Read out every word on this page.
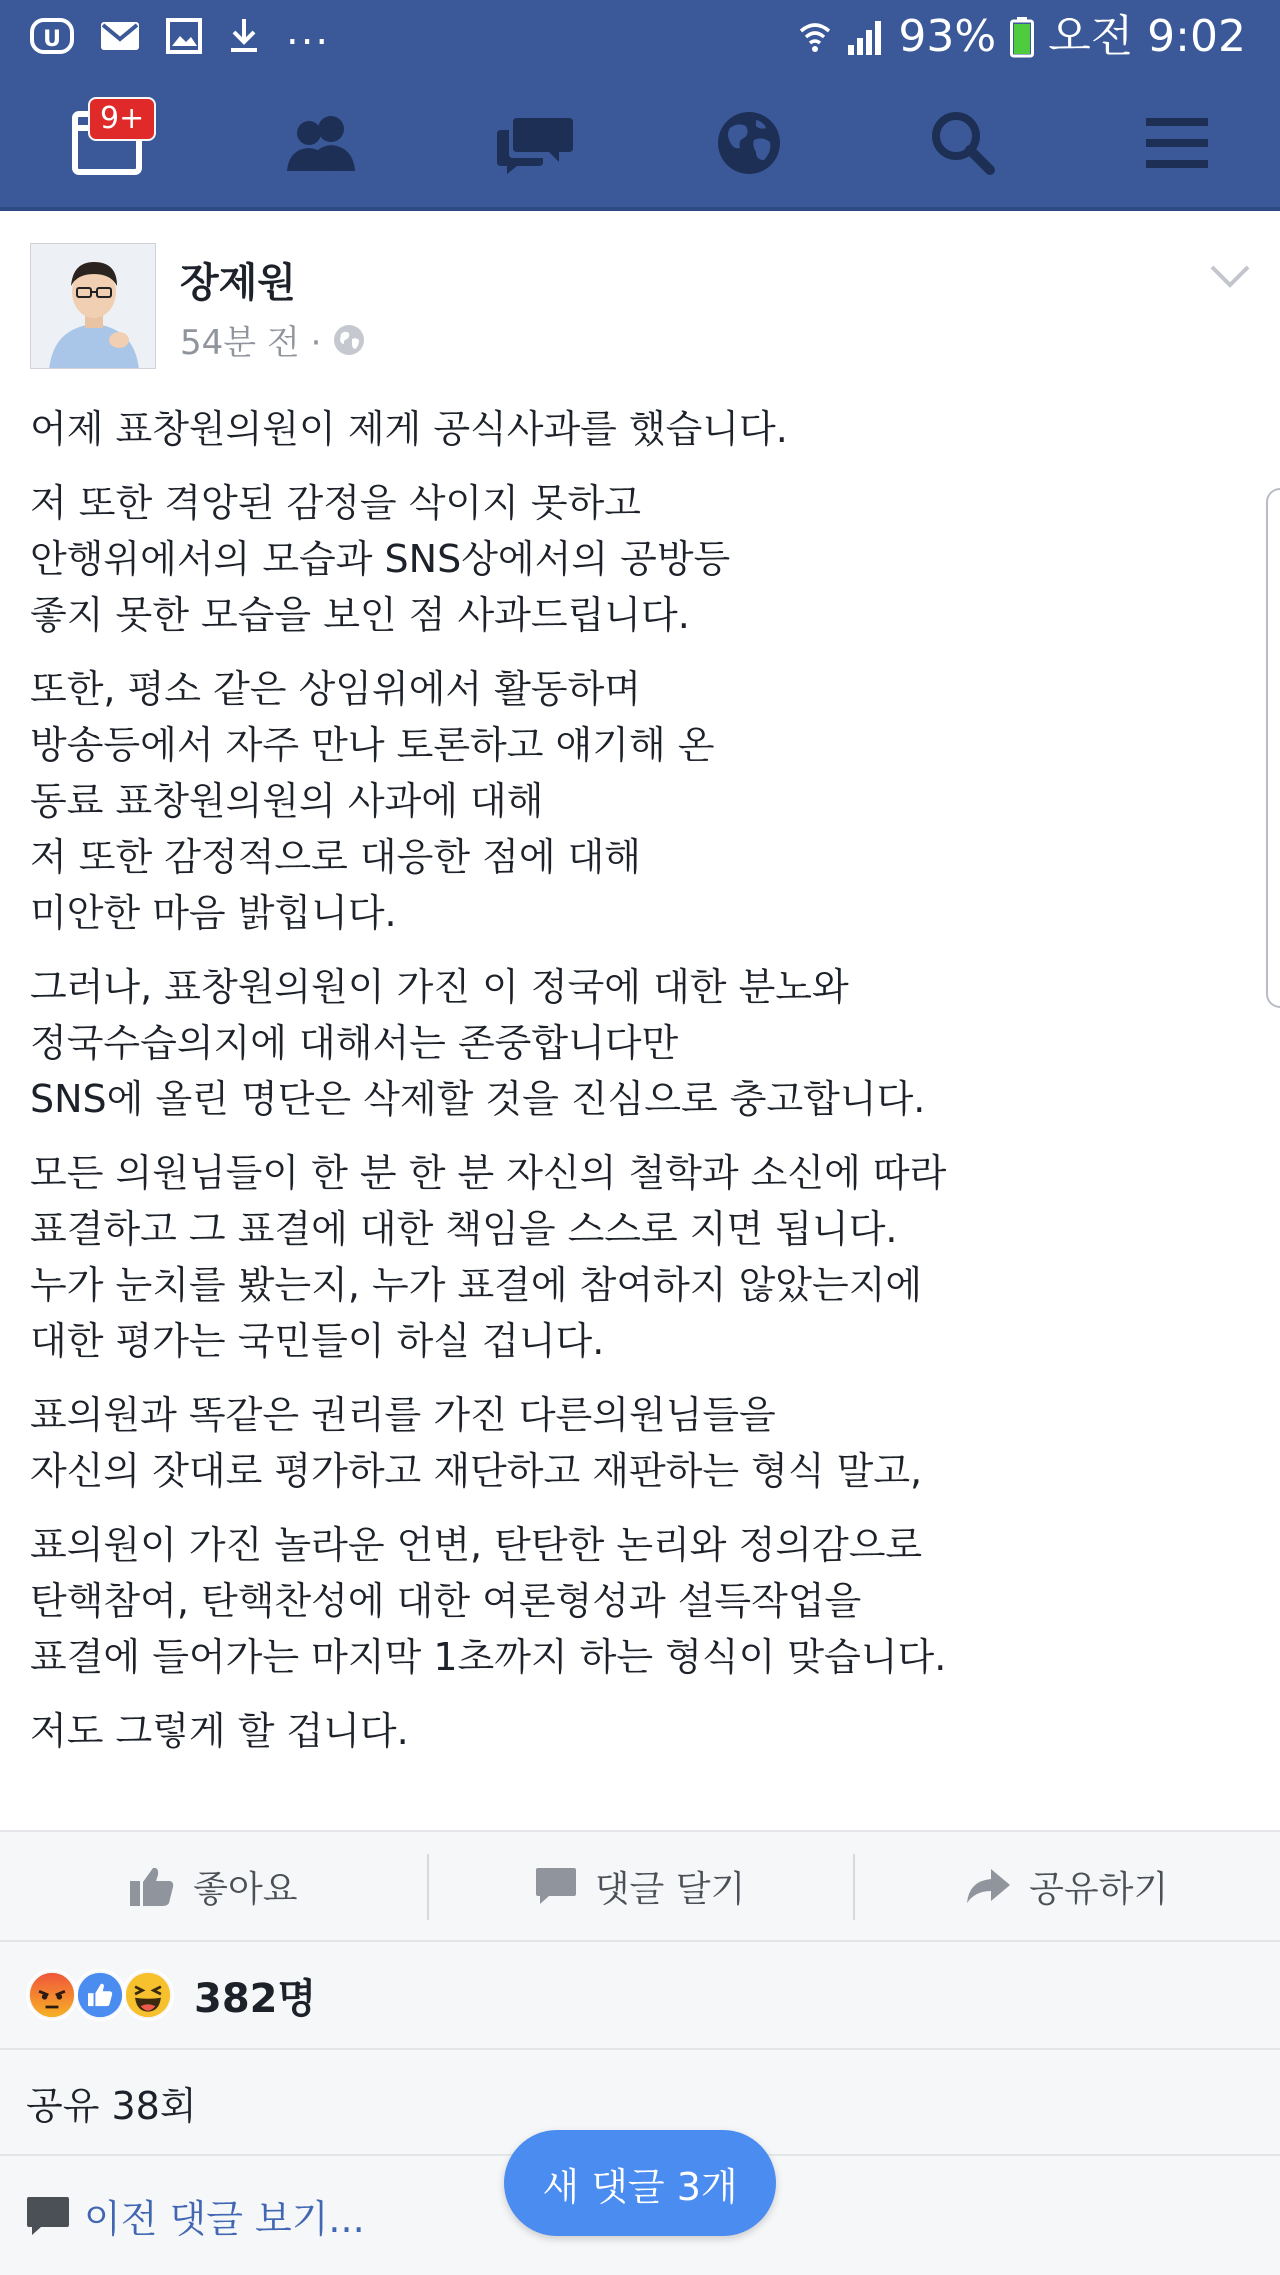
U	...	93% 오전 9:02
9+
장제원
54분 전 ·

어제 표창원의원이 제게 공식사과를 했습니다.

저 또한 격앙된 감정을 삭이지 못하고
안행위에서의 모습과 SNS상에서의 공방등
좋지 못한 모습을 보인 점 사과드립니다.

또한, 평소 같은 상임위에서 활동하며
방송등에서 자주 만나 토론하고 얘기해 온
동료 표창원의원의 사과에 대해
저 또한 감정적으로 대응한 점에 대해
미안한 마음 밝힙니다.

그러나, 표창원의원이 가진 이 정국에 대한 분노와
정국수습의지에 대해서는 존중합니다만
SNS에 올린 명단은 삭제할 것을 진심으로 충고합니다.

모든 의원님들이 한 분 한 분 자신의 철학과 소신에 따라
표결하고 그 표결에 대한 책임을 스스로 지면 됩니다.
누가 눈치를 봤는지, 누가 표결에 참여하지 않았는지에
대한 평가는 국민들이 하실 겁니다.

표의원과 똑같은 권리를 가진 다른의원님들을
자신의 잣대로 평가하고 재단하고 재판하는 형식 말고,

표의원이 가진 놀라운 언변, 탄탄한 논리와 정의감으로
탄핵참여, 탄핵찬성에 대한 여론형성과 설득작업을
표결에 들어가는 마지막 1초까지 하는 형식이 맞습니다.

저도 그렇게 할 겁니다.

좋아요	댓글 달기	공유하기
382명
공유 38회
이전 댓글 보기...
새 댓글 3개
